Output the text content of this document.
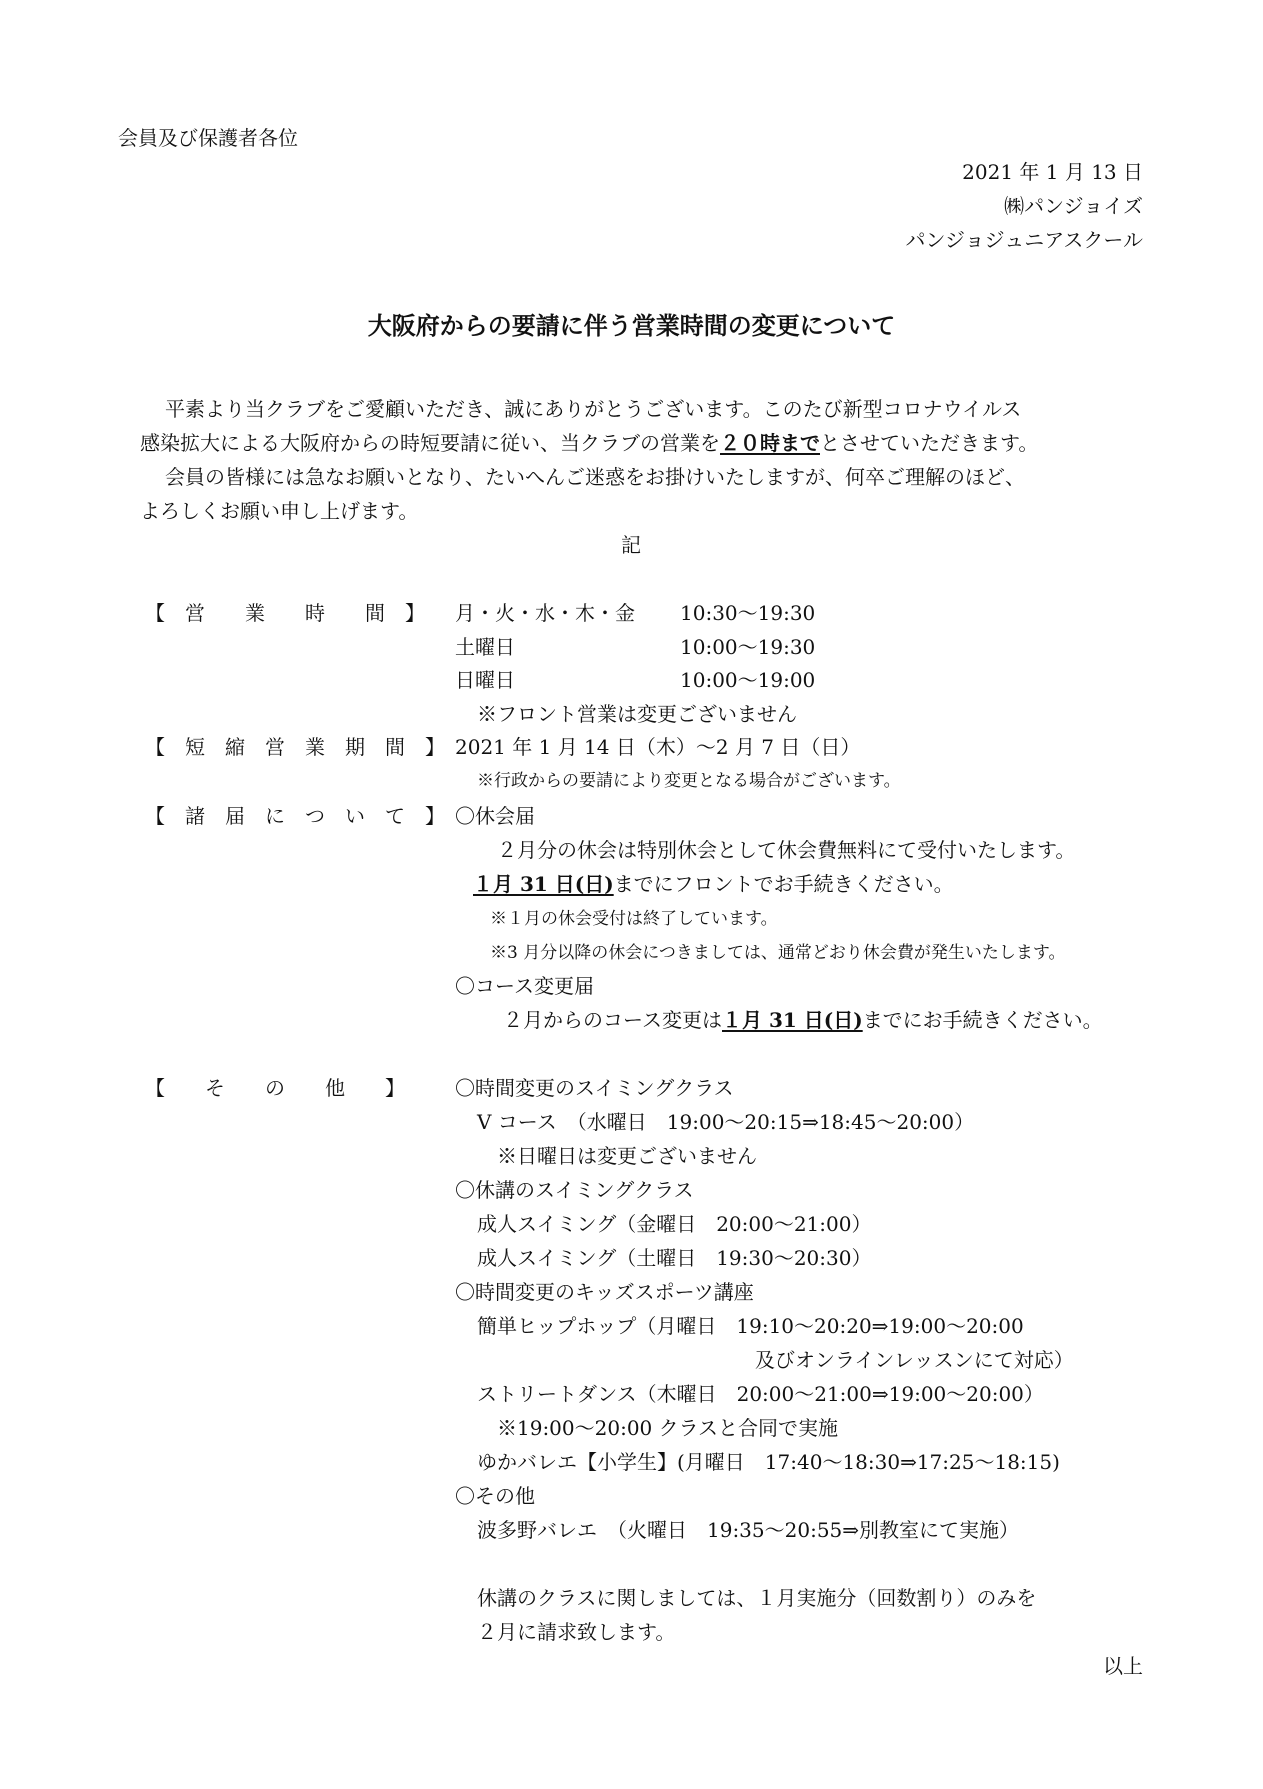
会員及び保護者各位
2021 年 1 月 13 日
㈱パンジョイズ
パンジョジュニアスクール
大阪府からの要請に伴う営業時間の変更について
平素より当クラブをご愛顧いただき、誠にありがとうございます。このたび新型コロナウイルス
感染拡大による大阪府からの時短要請に従い、当クラブの営業を２０時までとさせていただきます。
会員の皆様には急なお願いとなり、たいへんご迷惑をお掛けいたしますが、何卒ご理解のほど、
よろしくお願い申し上げます。
記
【　営　　業　　時　　間　】 月・火・水・木・金 10:30～19:30
土曜日	10:00～19:30
日曜日	10:00～19:00
※フロント営業は変更ございません
【　短　縮　営　業　期　間　】 2021 年 1 月 14 日（木）～2 月 7 日（日）
※行政からの要請により変更となる場合がございます。
【　諸　届　に　つ　い　て　】 〇休会届
２月分の休会は特別休会として休会費無料にて受付いたします。
１月 31 日(日)までにフロントでお手続きください。
※１月の休会受付は終了しています。
※3 月分以降の休会につきましては、通常どおり休会費が発生いたします。
〇コース変更届
２月からのコース変更は１月 31 日(日)までにお手続きください。
【　　そ　　の　　他　　】	〇時間変更のスイミングクラス
V コース　（水曜日　19:00～20:15⇒18:45～20:00）
※日曜日は変更ございません
〇休講のスイミングクラス
成人スイミング（金曜日　20:00～21:00）
成人スイミング（土曜日　19:30～20:30）
〇時間変更のキッズスポーツ講座
簡単ヒップホップ（月曜日　19:10～20:20⇒19:00～20:00
及びオンラインレッスンにて対応）
ストリートダンス（木曜日　20:00～21:00⇒19:00～20:00）
※19:00～20:00 クラスと合同で実施
ゆかバレエ【小学生】(月曜日　17:40～18:30⇒17:25～18:15)
〇その他
波多野バレエ　（火曜日　19:35～20:55⇒別教室にて実施）
休講のクラスに関しましては、１月実施分（回数割り）のみを
２月に請求致します。
以上
